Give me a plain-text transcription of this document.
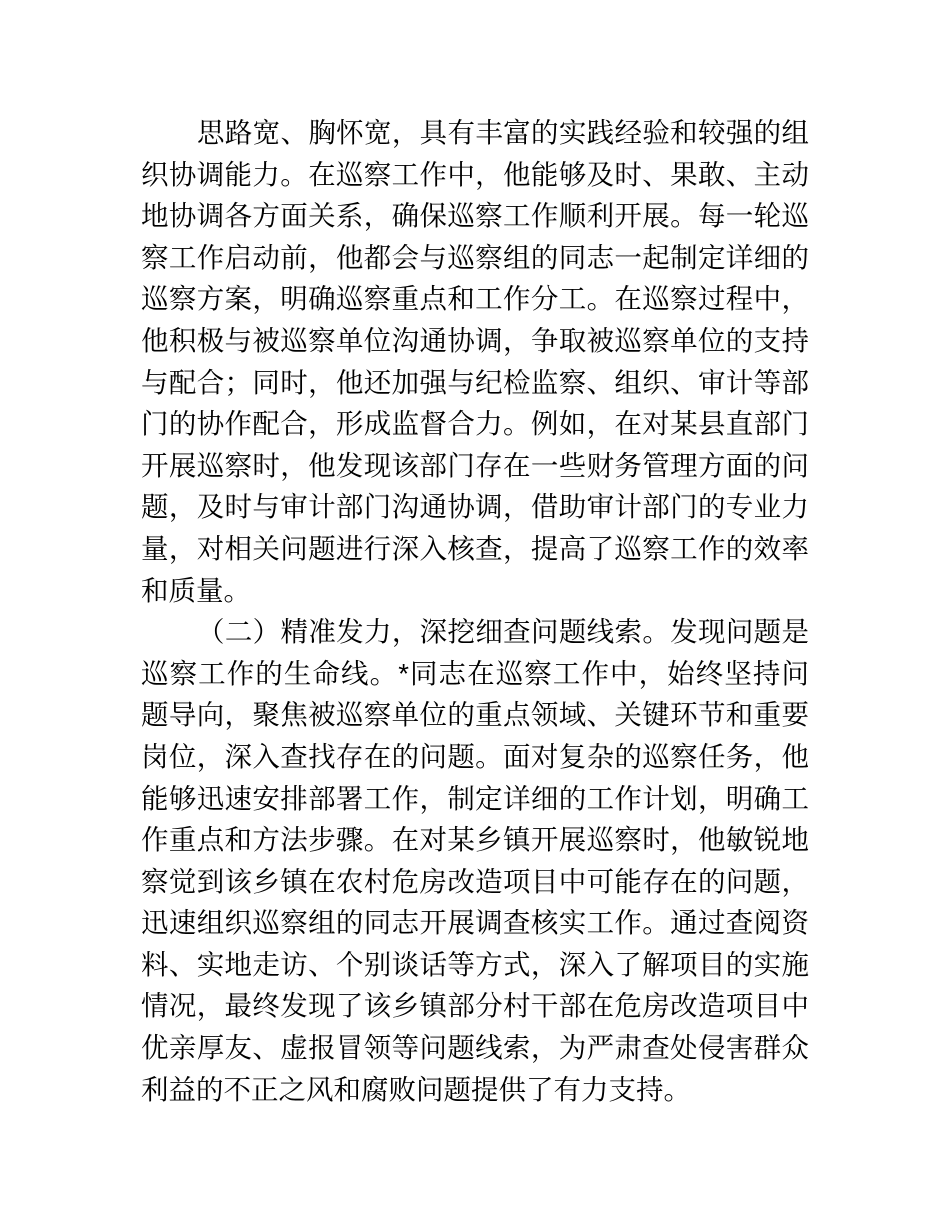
思路宽、胸怀宽，具有丰富的实践经验和较强的组织协调能力。在巡察工作中，他能够及时、果敢、主动地协调各方面关系，确保巡察工作顺利开展。每一轮巡察工作启动前，他都会与巡察组的同志一起制定详细的巡察方案，明确巡察重点和工作分工。在巡察过程中，他积极与被巡察单位沟通协调，争取被巡察单位的支持与配合；同时，他还加强与纪检监察、组织、审计等部门的协作配合，形成监督合力。例如，在对某县直部门开展巡察时，他发现该部门存在一些财务管理方面的问题，及时与审计部门沟通协调，借助审计部门的专业力量，对相关问题进行深入核查，提高了巡察工作的效率和质量。

（二）精准发力，深挖细查问题线索。发现问题是巡察工作的生命线。*同志在巡察工作中，始终坚持问题导向，聚焦被巡察单位的重点领域、关键环节和重要岗位，深入查找存在的问题。面对复杂的巡察任务，他能够迅速安排部署工作，制定详细的工作计划，明确工作重点和方法步骤。在对某乡镇开展巡察时，他敏锐地察觉到该乡镇在农村危房改造项目中可能存在的问题，迅速组织巡察组的同志开展调查核实工作。通过查阅资料、实地走访、个别谈话等方式，深入了解项目的实施情况，最终发现了该乡镇部分村干部在危房改造项目中优亲厚友、虚报冒领等问题线索，为严肃查处侵害群众利益的不正之风和腐败问题提供了有力支持。
